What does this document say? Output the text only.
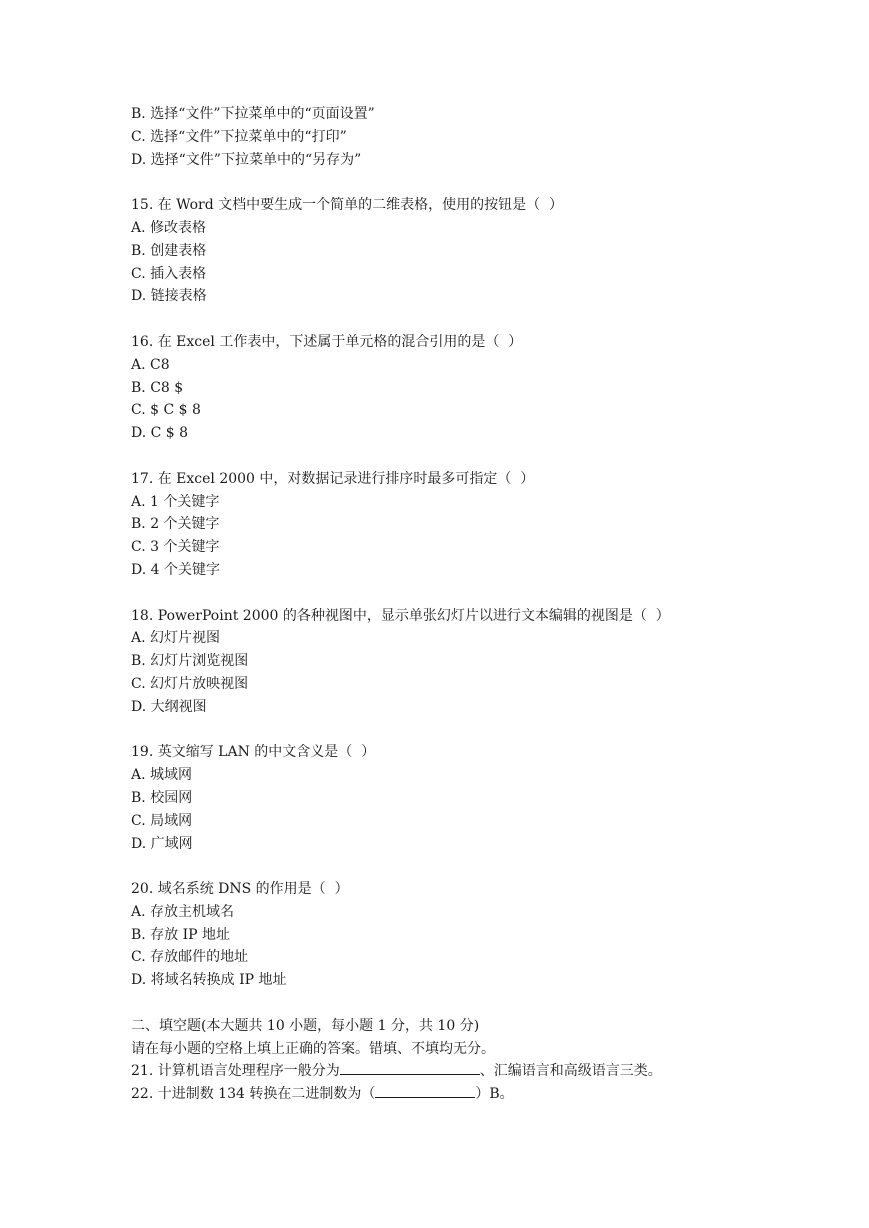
B. 选择“文件”下拉菜单中的“页面设置”
C. 选择“文件”下拉菜单中的“打印”
D. 选择“文件”下拉菜单中的“另存为”
15. 在 Word 文档中要生成一个简单的二维表格，使用的按钮是（  ）
A. 修改表格
B. 创建表格
C. 插入表格
D. 链接表格
16. 在 Excel 工作表中，下述属于单元格的混合引用的是（  ）
A. C8
B. C8 $
C. $ C $ 8
D. C $ 8
17. 在 Excel 2000 中，对数据记录进行排序时最多可指定（  ）
A. 1 个关键字
B. 2 个关键字
C. 3 个关键字
D. 4 个关键字
18. PowerPoint 2000 的各种视图中，显示单张幻灯片以进行文本编辑的视图是（  ）
A. 幻灯片视图
B. 幻灯片浏览视图
C. 幻灯片放映视图
D. 大纲视图
19. 英文缩写 LAN 的中文含义是（  ）
A. 城域网
B. 校园网
C. 局域网
D. 广域网
20. 域名系统 DNS 的作用是（  ）
A. 存放主机域名
B. 存放 IP 地址
C. 存放邮件的地址
D. 将域名转换成 IP 地址
二、填空题(本大题共 10 小题，每小题 1 分，共 10 分)
请在每小题的空格上填上正确的答案。错填、不填均无分。
21. 计算机语言处理程序一般分为	、汇编语言和高级语言三类。
22. 十进制数 134 转换在二进制数为（	）B。
